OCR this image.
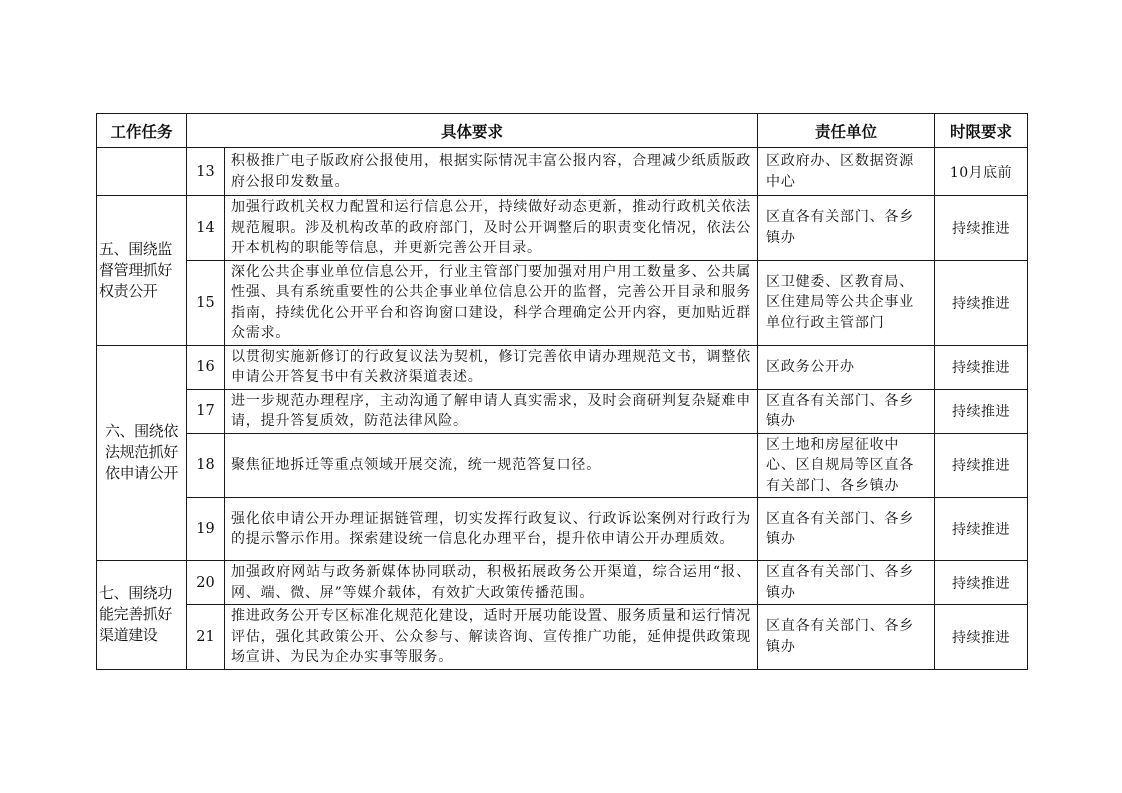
工作任务	具体要求		责任单位	时限要求
	13	积极推广电子版政府公报使用，根据实际情况丰富公报内容，合理减少纸质版政府公报印发数量。	区政府办、区数据资源中心	10月底前

五、围绕监督管理抓好权责公开	14	加强行政机关权力配置和运行信息公开，持续做好动态更新，推动行政机关依法规范履职。涉及机构改革的政府部门，及时公开调整后的职责变化情况，依法公开本机构的职能等信息，并更新完善公开目录。	区直各有关部门、各乡镇办	持续推进
	15	深化公共企事业单位信息公开，行业主管部门要加强对用户用工数量多、公共属性强、具有系统重要性的公共企事业单位信息公开的监督，完善公开目录和服务指南，持续优化公开平台和咨询窗口建设，科学合理确定公开内容，更加贴近群众需求。	区卫健委、区教育局、区住建局等公共企事业单位行政主管部门	持续推进

六、围绕依法规范抓好依申请公开	16	以贯彻实施新修订的行政复议法为契机，修订完善依申请办理规范文书，调整依申请公开答复书中有关救济渠道表述。	区政务公开办	持续推进
	17	进一步规范办理程序，主动沟通了解申请人真实需求，及时会商研判复杂疑难申请，提升答复质效，防范法律风险。	区直各有关部门、各乡镇办	持续推进
	18	聚焦征地拆迁等重点领域开展交流，统一规范答复口径。	区土地和房屋征收中心、区自规局等区直各有关部门、各乡镇办	持续推进
	19	强化依申请公开办理证据链管理，切实发挥行政复议、行政诉讼案例对行政行为的提示警示作用。探索建设统一信息化办理平台，提升依申请公开办理质效。	区直各有关部门、各乡镇办	持续推进

七、围绕功能完善抓好渠道建设	20	加强政府网站与政务新媒体协同联动，积极拓展政务公开渠道，综合运用“报、网、端、微、屏”等媒介载体，有效扩大政策传播范围。	区直各有关部门、各乡镇办	持续推进
	21	推进政务公开专区标准化规范化建设，适时开展功能设置、服务质量和运行情况评估，强化其政策公开、公众参与、解读咨询、宣传推广功能，延伸提供政策现场宣讲、为民为企办实事等服务。	区直各有关部门、各乡镇办	持续推进
